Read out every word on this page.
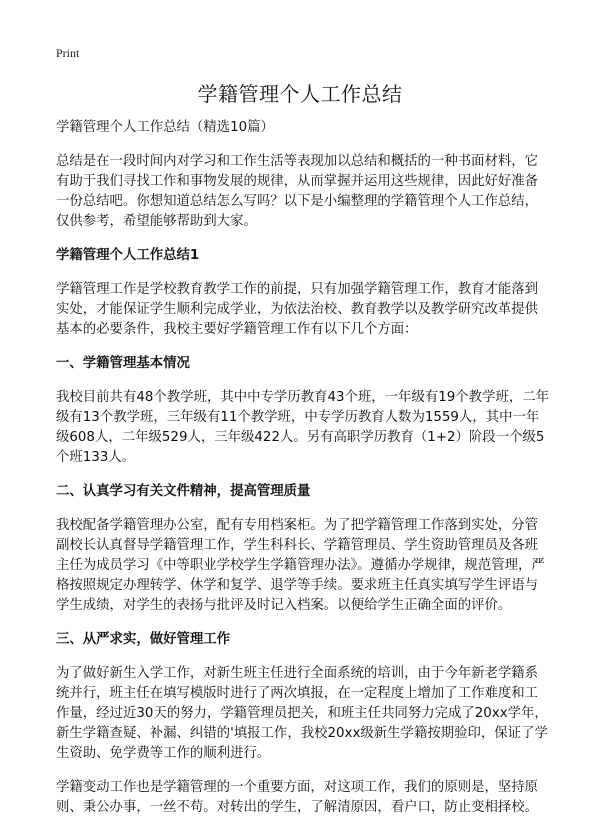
Print
学籍管理个人工作总结

学籍管理个人工作总结（精选10篇）

总结是在一段时间内对学习和工作生活等表现加以总结和概括的一种书面材料，它有助于我们寻找工作和事物发展的规律，从而掌握并运用这些规律，因此好好准备一份总结吧。你想知道总结怎么写吗？以下是小编整理的学籍管理个人工作总结，仅供参考，希望能够帮助到大家。

学籍管理个人工作总结1

学籍管理工作是学校教育教学工作的前提，只有加强学籍管理工作，教育才能落到实处，才能保证学生顺利完成学业，为依法治校、教育教学以及教学研究改革提供基本的必要条件，我校主要好学籍管理工作有以下几个方面：

一、学籍管理基本情况

我校目前共有48个教学班，其中中专学历教育43个班，一年级有19个教学班，二年级有13个教学班，三年级有11个教学班，中专学历教育人数为1559人，其中一年级608人，二年级529人，三年级422人。另有高职学历教育（1+2）阶段一个级5个班133人。

二、认真学习有关文件精神，提高管理质量

我校配备学籍管理办公室，配有专用档案柜。为了把学籍管理工作落到实处，分管副校长认真督导学籍管理工作，学生科科长、学籍管理员、学生资助管理员及各班主任为成员学习《中等职业学校学生学籍管理办法》。遵循办学规律，规范管理，严格按照规定办理转学、休学和复学、退学等手续。要求班主任真实填写学生评语与学生成绩，对学生的表扬与批评及时记入档案。以便给学生正确全面的评价。

三、从严求实，做好管理工作

为了做好新生入学工作，对新生班主任进行全面系统的培训，由于今年新老学籍系统并行，班主任在填写模版时进行了两次填报，在一定程度上增加了工作难度和工作量，经过近30天的努力，学籍管理员把关，和班主任共同努力完成了20xx学年，新生学籍查疑、补漏、纠错的'填报工作，我校20xx级新生学籍按期验印，保证了学生资助、免学费等工作的顺利进行。

学籍变动工作也是学籍管理的一个重要方面，对这项工作，我们的原则是，坚持原则、秉公办事，一丝不苟。对转出的学生，了解清原因，看户口，防止变相择校。
